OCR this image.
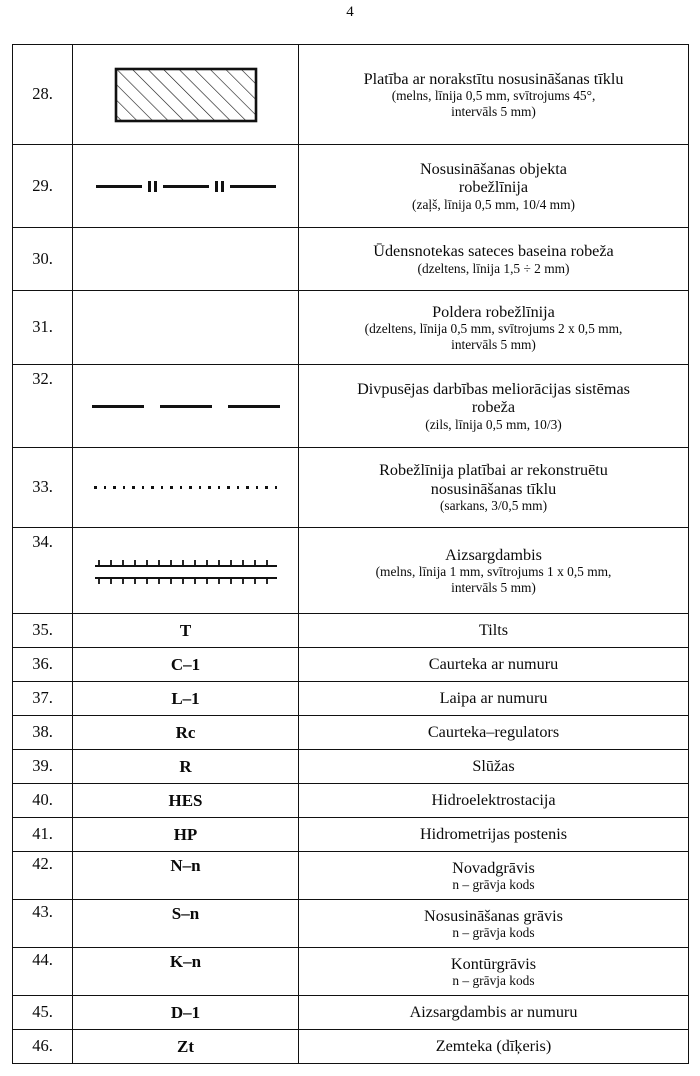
4
28.		Platība ar norakstītu nosusināšanas tīklu
(melns, līnija 0,5 mm, svītrojums 45°,
intervāls 5 mm)

29.		Nosusināšanas objekta
robežlīnija
(zaļš, līnija 0,5 mm, 10/4 mm)

30.		Ūdensnotekas sateces baseina robeža
(dzeltens, līnija 1,5 ÷ 2 mm)

31.		Poldera robežlīnija
(dzeltens, līnija 0,5 mm, svītrojums 2 x 0,5 mm,
intervāls 5 mm)

32.		Divpusējas darbības meliorācijas sistēmas
robeža
(zils, līnija 0,5 mm, 10/3)

33.		Robežlīnija platībai ar rekonstruētu
nosusināšanas tīklu
(sarkans, 3/0,5 mm)

34.		Aizsargdambis
(melns, līnija 1 mm, svītrojums 1 x 0,5 mm,
intervāls 5 mm)

35.	T	Tilts

36.	C–1	Caurteka ar numuru

37.	L–1	Laipa ar numuru

38.	Rc	Caurteka–regulators

39.	R	Slūžas

40.	HES	Hidroelektrostacija

41.	HP	Hidrometrijas postenis

42.	N–n	Novadgrāvis
n – grāvja kods

43.	S–n	Nosusināšanas grāvis
n – grāvja kods

44.	K–n	Kontūrgrāvis
n – grāvja kods

45.	D–1	Aizsargdambis ar numuru

46.	Zt	Zemteka (dīķeris)
